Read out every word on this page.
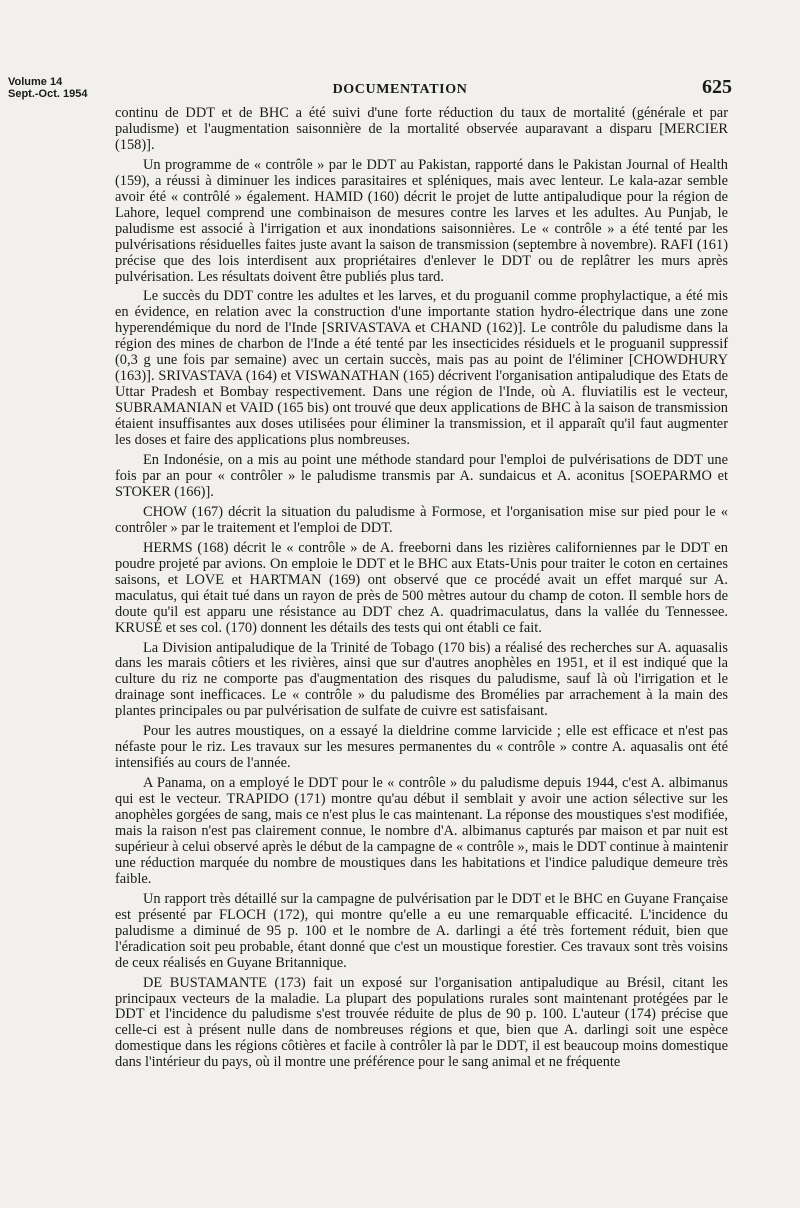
Volume 14
Sept.-Oct. 1954	DOCUMENTATION	625

continu de DDT et de BHC a été suivi d'une forte réduction du taux de mortalité (générale et par paludisme) et l'augmentation saisonnière de la mortalité observée auparavant a disparu [MERCIER (158)].

Un programme de « contrôle » par le DDT au Pakistan, rapporté dans le Pakistan Journal of Health (159), a réussi à diminuer les indices parasitaires et spléniques, mais avec lenteur. Le kala-azar semble avoir été « contrôlé » également. HAMID (160) décrit le projet de lutte antipaludique pour la région de Lahore, lequel comprend une combinaison de mesures contre les larves et les adultes. Au Punjab, le paludisme est associé à l'irrigation et aux inondations saisonnières. Le « contrôle » a été tenté par les pulvérisations résiduelles faites juste avant la saison de transmission (septembre à novembre). RAFI (161) précise que des lois interdisent aux propriétaires d'enlever le DDT ou de replâtrer les murs après pulvérisation. Les résultats doivent être publiés plus tard.

Le succès du DDT contre les adultes et les larves, et du proguanil comme prophylactique, a été mis en évidence, en relation avec la construction d'une importante station hydro-électrique dans une zone hyperendémique du nord de l'Inde [SRIVASTAVA et CHAND (162)]. Le contrôle du paludisme dans la région des mines de charbon de l'Inde a été tenté par les insecticides résiduels et le proguanil suppressif (0,3 g une fois par semaine) avec un certain succès, mais pas au point de l'éliminer [CHOWDHURY (163)]. SRIVASTAVA (164) et VISWANATHAN (165) décrivent l'organisation antipaludique des Etats de Uttar Pradesh et Bombay respectivement. Dans une région de l'Inde, où A. fluviatilis est le vecteur, SUBRAMANIAN et VAID (165 bis) ont trouvé que deux applications de BHC à la saison de transmission étaient insuffisantes aux doses utilisées pour éliminer la transmission, et il apparaît qu'il faut augmenter les doses et faire des applications plus nombreuses.

En Indonésie, on a mis au point une méthode standard pour l'emploi de pulvérisations de DDT une fois par an pour « contrôler » le paludisme transmis par A. sundaicus et A. aconitus [SOEPARMO et STOKER (166)].

CHOW (167) décrit la situation du paludisme à Formose, et l'organisation mise sur pied pour le « contrôler » par le traitement et l'emploi de DDT.

HERMS (168) décrit le « contrôle » de A. freeborni dans les rizières californiennes par le DDT en poudre projeté par avions. On emploie le DDT et le BHC aux Etats-Unis pour traiter le coton en certaines saisons, et LOVE et HARTMAN (169) ont observé que ce procédé avait un effet marqué sur A. maculatus, qui était tué dans un rayon de près de 500 mètres autour du champ de coton. Il semble hors de doute qu'il est apparu une résistance au DDT chez A. quadrimaculatus, dans la vallée du Tennessee. KRUSÉ et ses col. (170) donnent les détails des tests qui ont établi ce fait.

La Division antipaludique de la Trinité de Tobago (170 bis) a réalisé des recherches sur A. aquasalis dans les marais côtiers et les rivières, ainsi que sur d'autres anophèles en 1951, et il est indiqué que la culture du riz ne comporte pas d'augmentation des risques du paludisme, sauf là où l'irrigation et le drainage sont inefficaces. Le « contrôle » du paludisme des Bromélies par arrachement à la main des plantes principales ou par pulvérisation de sulfate de cuivre est satisfaisant.

Pour les autres moustiques, on a essayé la dieldrine comme larvicide ; elle est efficace et n'est pas néfaste pour le riz. Les travaux sur les mesures permanentes du « contrôle » contre A. aquasalis ont été intensifiés au cours de l'année.

A Panama, on a employé le DDT pour le « contrôle » du paludisme depuis 1944, c'est A. albimanus qui est le vecteur. TRAPIDO (171) montre qu'au début il semblait y avoir une action sélective sur les anophèles gorgées de sang, mais ce n'est plus le cas maintenant. La réponse des moustiques s'est modifiée, mais la raison n'est pas clairement connue, le nombre d'A. albimanus capturés par maison et par nuit est supérieur à celui observé après le début de la campagne de « contrôle », mais le DDT continue à maintenir une réduction marquée du nombre de moustiques dans les habitations et l'indice paludique demeure très faible.

Un rapport très détaillé sur la campagne de pulvérisation par le DDT et le BHC en Guyane Française est présenté par FLOCH (172), qui montre qu'elle a eu une remarquable efficacité. L'incidence du paludisme a diminué de 95 p. 100 et le nombre de A. darlingi a été très fortement réduit, bien que l'éradication soit peu probable, étant donné que c'est un moustique forestier. Ces travaux sont très voisins de ceux réalisés en Guyane Britannique.

DE BUSTAMANTE (173) fait un exposé sur l'organisation antipaludique au Brésil, citant les principaux vecteurs de la maladie. La plupart des populations rurales sont maintenant protégées par le DDT et l'incidence du paludisme s'est trouvée réduite de plus de 90 p. 100. L'auteur (174) précise que celle-ci est à présent nulle dans de nombreuses régions et que, bien que A. darlingi soit une espèce domestique dans les régions côtières et facile à contrôler là par le DDT, il est beaucoup moins domestique dans l'intérieur du pays, où il montre une préférence pour le sang animal et ne fréquente
